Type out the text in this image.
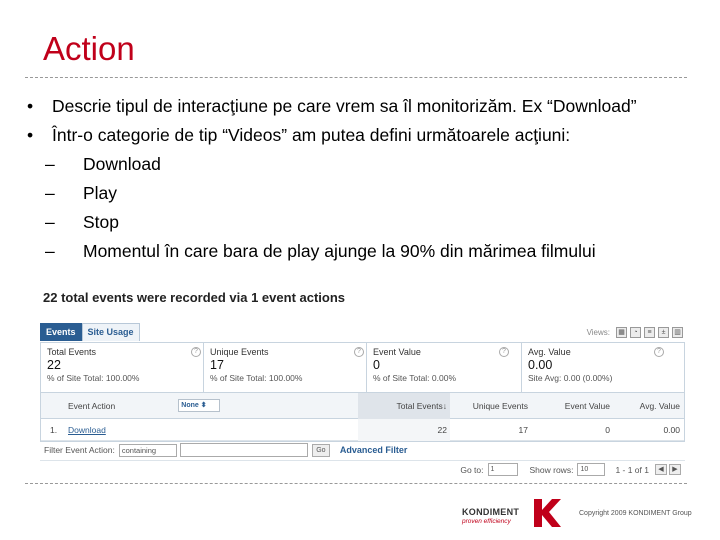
Action
• Descrie tipul de interacţiune pe care vrem sa îl monitorizăm. Ex “Download”
• Într-o categorie de tip “Videos” am putea defini următoarele acţiuni:
– Download
– Play
– Stop
– Momentul în care bara de play ajunge la 90% din mărimea filmului
22 total events were recorded via 1 event actions
Events	Site Usage	Views:	▦	◔	≡	±	▥
Total Events
22
% of Site Total: 100.00%
?	Unique Events
17
% of Site Total: 100.00%
?	Event Value
0
% of Site Total: 0.00%
?	Avg. Value
0.00
Site Avg: 0.00 (0.00%)
?
Event Action	None ⬍	Total Events↓	Unique Events	Event Value	Avg. Value
1.	Download	22	17	0	0.00
Filter Event Action: containing	Go	Advanced Filter
Go to:	1	Show rows:	10	1 - 1 of 1	◀	▶
KONDIMENT
proven efficiency
Copyright 2009 KONDIMENT Group
